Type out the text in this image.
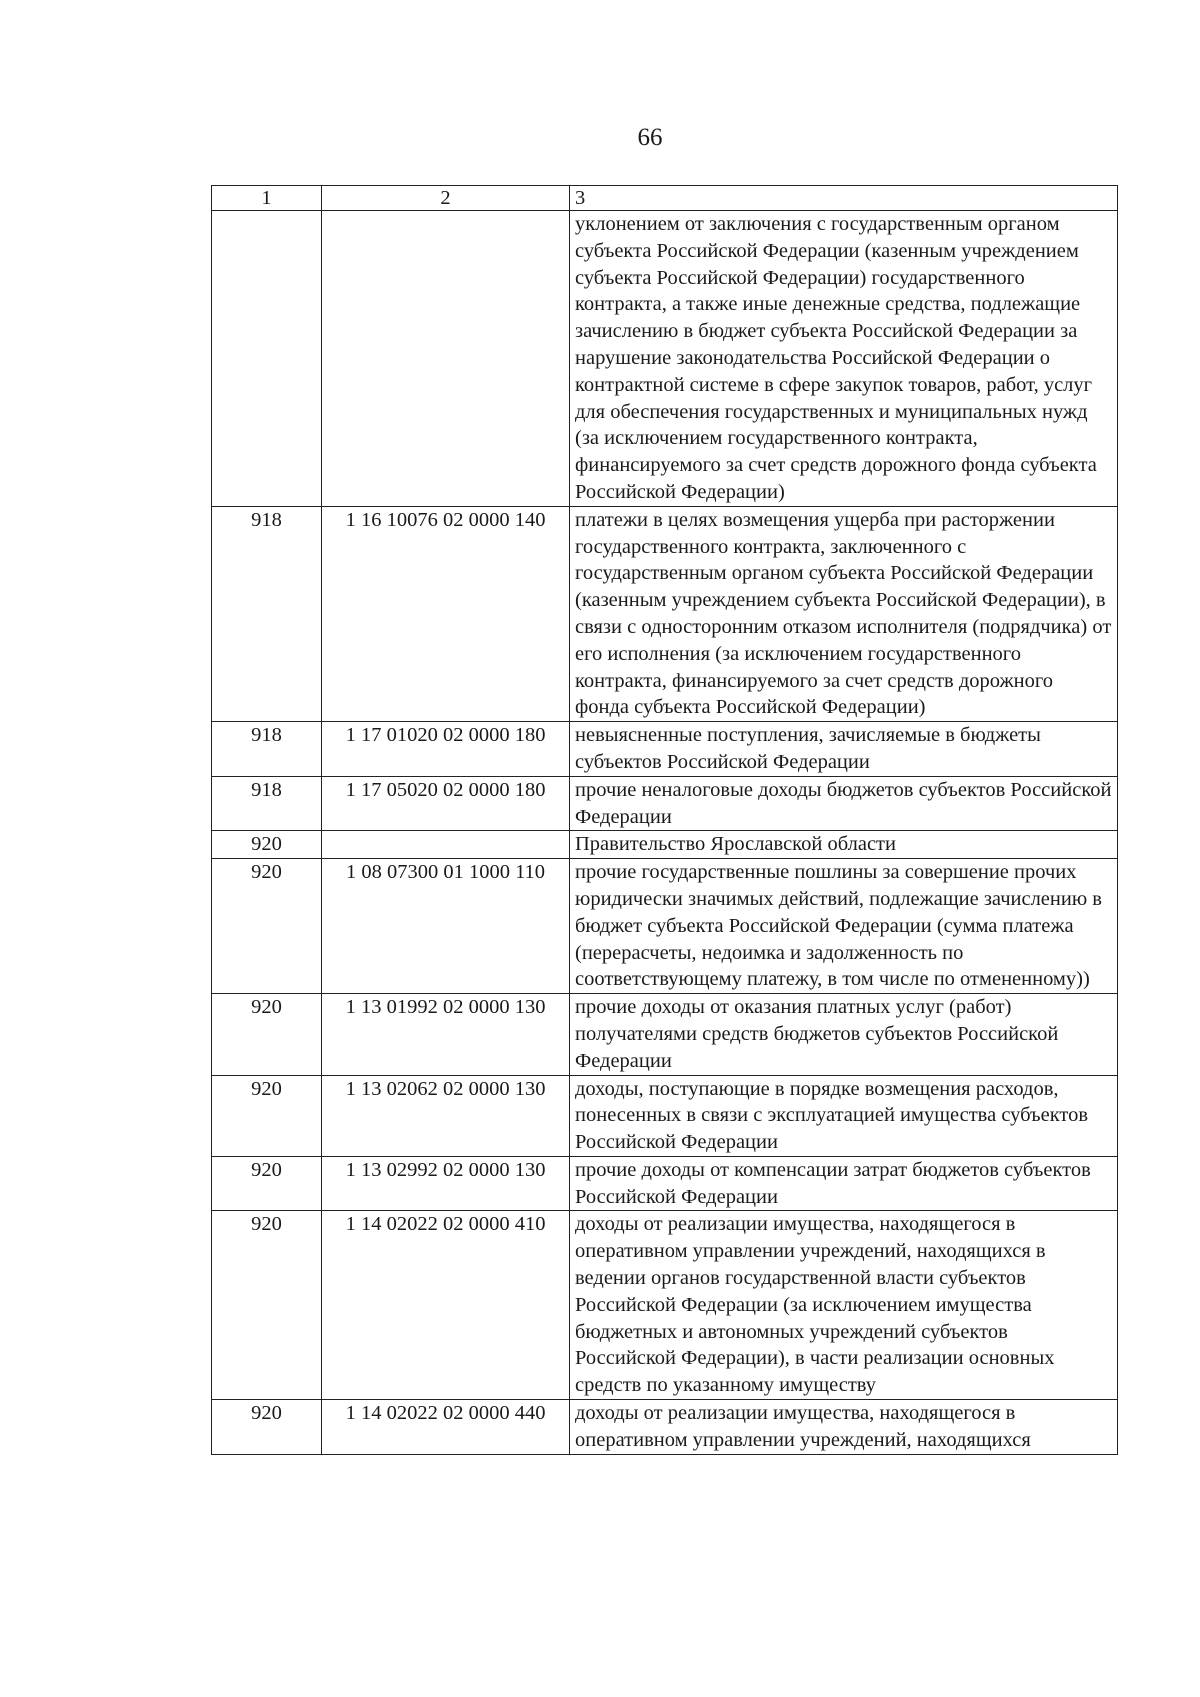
66
1	2	3
		уклонением от заключения с государственным органом субъекта Российской Федерации (казенным учреждением субъекта Российской Федерации) государственного контракта, а также иные денежные средства, подлежащие зачислению в бюджет субъекта Российской Федерации за нарушение законодательства Российской Федерации о контрактной системе в сфере закупок товаров, работ, услуг для обеспечения государственных и муниципальных нужд (за исключением государственного контракта, финансируемого за счет средств дорожного фонда субъекта Российской Федерации)
918	1 16 10076 02 0000 140	платежи в целях возмещения ущерба при расторжении государственного контракта, заключенного с государственным органом субъекта Российской Федерации (казенным учреждением субъекта Российской Федерации), в связи с односторонним отказом исполнителя (подрядчика) от его исполнения (за исключением государственного контракта, финансируемого за счет средств дорожного фонда субъекта Российской Федерации)
918	1 17 01020 02 0000 180	невыясненные поступления, зачисляемые в бюджеты субъектов Российской Федерации
918	1 17 05020 02 0000 180	прочие неналоговые доходы бюджетов субъектов Российской Федерации
920		Правительство Ярославской области
920	1 08 07300 01 1000 110	прочие государственные пошлины за совершение прочих юридически значимых действий, подлежащие зачислению в бюджет субъекта Российской Федерации (сумма платежа (перерасчеты, недоимка и задолженность по соответствующему платежу, в том числе по отмененному))
920	1 13 01992 02 0000 130	прочие доходы от оказания платных услуг (работ) получателями средств бюджетов субъектов Российской Федерации
920	1 13 02062 02 0000 130	доходы, поступающие в порядке возмещения расходов, понесенных в связи с эксплуатацией имущества субъектов Российской Федерации
920	1 13 02992 02 0000 130	прочие доходы от компенсации затрат бюджетов субъектов Российской Федерации
920	1 14 02022 02 0000 410	доходы от реализации имущества, находящегося в оперативном управлении учреждений, находящихся в ведении органов государственной власти субъектов Российской Федерации (за исключением имущества бюджетных и автономных учреждений субъектов Российской Федерации), в части реализации основных средств по указанному имуществу
920	1 14 02022 02 0000 440	доходы от реализации имущества, находящегося в оперативном управлении учреждений, находящихся
